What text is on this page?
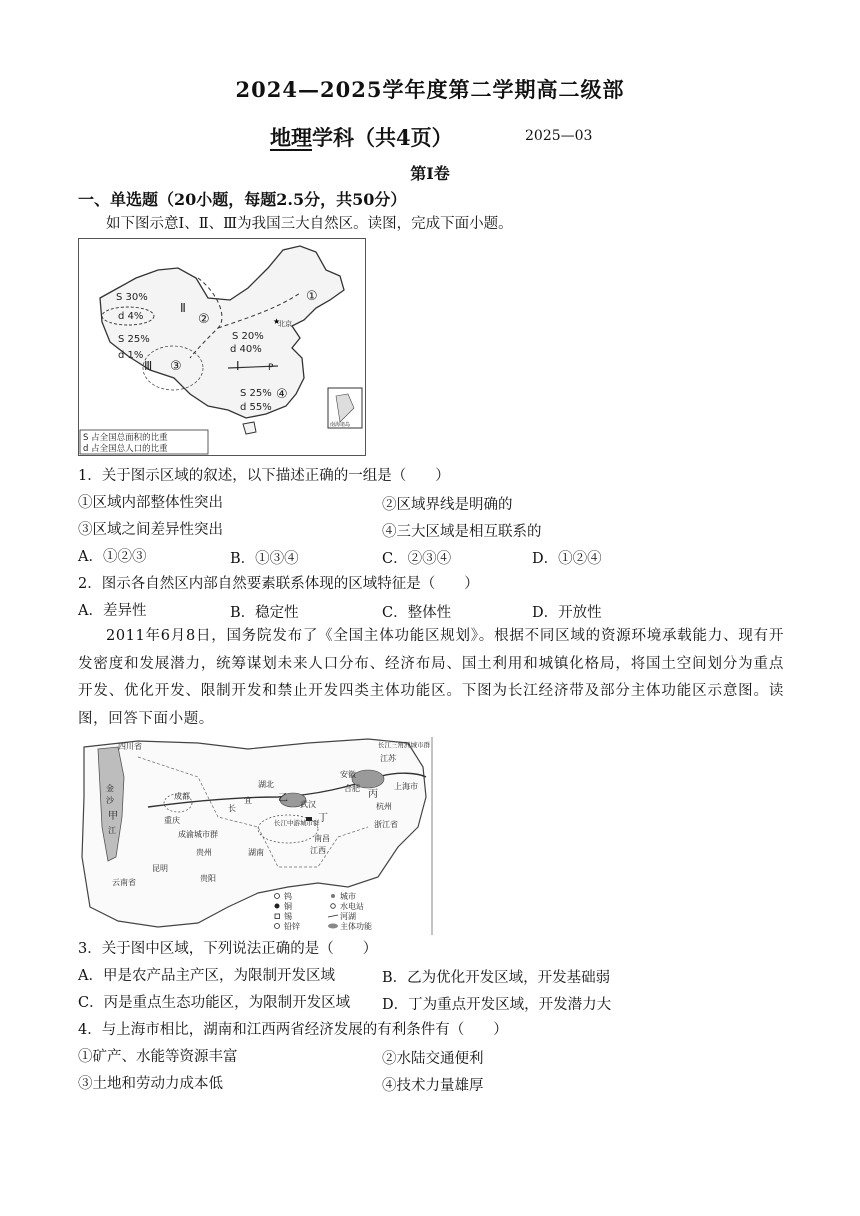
2024—2025学年度第二学期高二级部
地理学科（共4页）	2025—03
第Ⅰ卷
一、单选题（20小题，每题2.5分，共50分）
如下图示意Ⅰ、Ⅱ、Ⅲ为我国三大自然区。读图，完成下面小题。
S 30%
d 4%
S 25%
d 1%
S 20%
d 40%
S 25%
d 55%
Ⅱ
Ⅲ	Ⅰ
①
②
③
④
北京
P
S 占全国总面积的比重
d 占全国总人口的比重
南海诸岛
★
1．关于图示区域的叙述，以下描述正确的一组是（　　）
①区域内部整体性突出	②区域界线是明确的
③区域之间差异性突出	④三大区域是相互联系的
A．①②③	B．①③④	C．②③④	D．①②④
2．图示各自然区内部自然要素联系体现的区域特征是（　　）
A．差异性	B．稳定性	C．整体性	D．开放性
2011年6月8日，国务院发布了《全国主体功能区规划》。根据不同区域的资源环境承载能力、现有开发密度和发展潜力，统筹谋划未来人口分布、经济布局、国土利用和城镇化格局，将国土空间划分为重点开发、优化开发、限制开发和禁止开发四类主体功能区。下图为长江经济带及部分主体功能区示意图。读图，回答下面小题。
四川省
成都
重庆
成渝城市群
贵州
贵阳
昆明
云南省
金
沙
甲
江
湖北
武汉
长江中游城市群
湖南	江西
南昌
安徽
合肥
江苏
长江三角洲城市群
上海市
杭州
浙江省
丙
丁
乙
宜
长
钨
铜
锡
铅锌
城市
水电站
河湖
主体功能
3．关于图中区域，下列说法正确的是（　　）
A．甲是农产品主产区，为限制开发区域	B．乙为优化开发区域，开发基础弱
C．丙是重点生态功能区，为限制开发区域 D．丁为重点开发区域，开发潜力大
4．与上海市相比，湖南和江西两省经济发展的有利条件有（　　）
①矿产、水能等资源丰富	②水陆交通便利
③土地和劳动力成本低	④技术力量雄厚
